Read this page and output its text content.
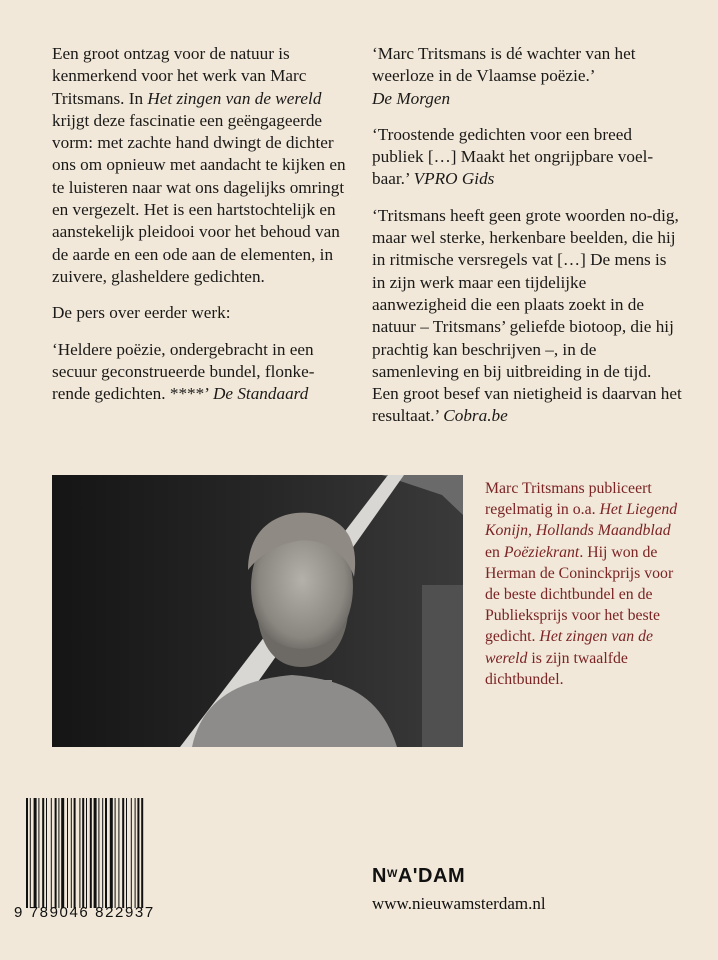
Een groot ontzag voor de natuur is kenmerkend voor het werk van Marc Tritsmans. In Het zingen van de wereld krijgt deze fascinatie een geëngageerde vorm: met zachte hand dwingt de dichter ons om opnieuw met aandacht te kijken en te luisteren naar wat ons dagelijks omringt en vergezelt. Het is een hartstochtelijk en aanstekelijk pleidooi voor het behoud van de aarde en een ode aan de elementen, in zuivere, glasheldere gedichten.

De pers over eerder werk:

‘Heldere poëzie, ondergebracht in een secuur geconstrueerde bundel, flonke-rende gedichten. ****’ De Standaard

‘Marc Tritsmans is dé wachter van het weerloze in de Vlaamse poëzie.’
De Morgen

‘Troostende gedichten voor een breed publiek […] Maakt het ongrijpbare voel-baar.’ VPRO Gids

‘Tritsmans heeft geen grote woorden no-dig, maar wel sterke, herkenbare beelden, die hij in ritmische versregels vat […] De mens is in zijn werk maar een tijdelijke aanwezigheid die een plaats zoekt in de natuur – Tritsmans’ geliefde biotoop, die hij prachtig kan beschrijven –, in de samenleving en bij uitbreiding in de tijd. Een groot besef van nietigheid is daarvan het resultaat.’ Cobra.be

Marc Tritsmans publiceert regelmatig in o.a. Het Liegend Konijn, Hollands Maandblad en Poëziekrant. Hij won de Herman de Coninckprijs voor de beste dichtbundel en de Publieksprijs voor het beste gedicht. Het zingen van de wereld is zijn twaalfde dichtbundel.
9 789046 822937
$N^WA'DAM$
www.nieuwamsterdam.nl
